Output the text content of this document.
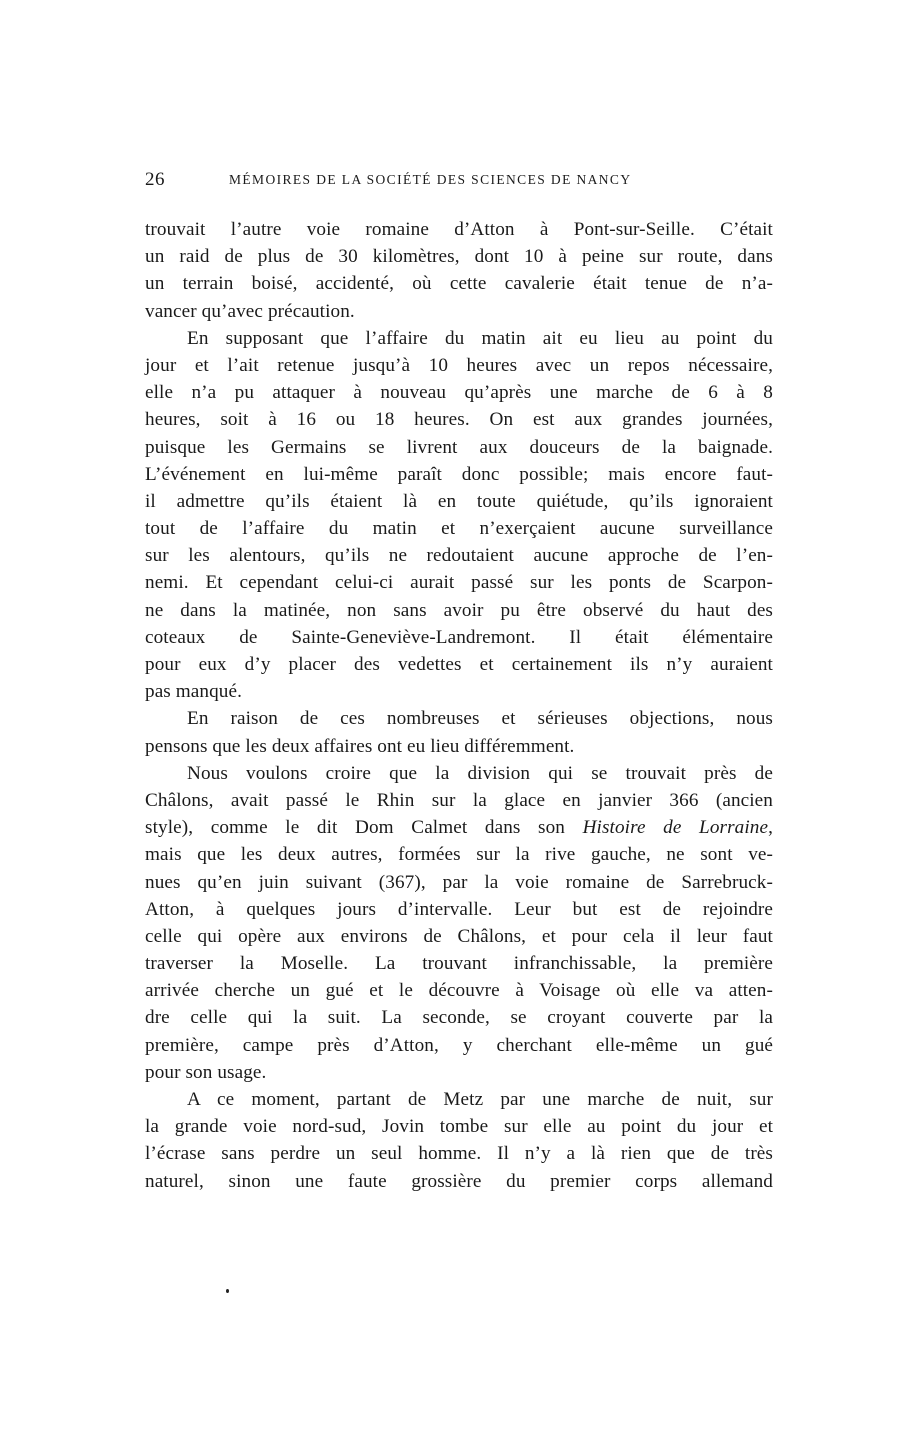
26	MÉMOIRES DE LA SOCIÉTÉ DES SCIENCES DE NANCY
trouvait l’autre voie romaine d’Atton à Pont-sur-Seille. C’était
un raid de plus de 30 kilomètres, dont 10 à peine sur route, dans
un terrain boisé, accidenté, où cette cavalerie était tenue de n’a-
vancer qu’avec précaution.
En supposant que l’affaire du matin ait eu lieu au point du
jour et l’ait retenue jusqu’à 10 heures avec un repos nécessaire,
elle n’a pu attaquer à nouveau qu’après une marche de 6 à 8
heures, soit à 16 ou 18 heures. On est aux grandes journées,
puisque les Germains se livrent aux douceurs de la baignade.
L’événement en lui-même paraît donc possible; mais encore faut-
il admettre qu’ils étaient là en toute quiétude, qu’ils ignoraient
tout de l’affaire du matin et n’exerçaient aucune surveillance
sur les alentours, qu’ils ne redoutaient aucune approche de l’en-
nemi. Et cependant celui-ci aurait passé sur les ponts de Scarpon-
ne dans la matinée, non sans avoir pu être observé du haut des
coteaux de Sainte-Geneviève-Landremont. Il était élémentaire
pour eux d’y placer des vedettes et certainement ils n’y auraient
pas manqué.
En raison de ces nombreuses et sérieuses objections, nous
pensons que les deux affaires ont eu lieu différemment.
Nous voulons croire que la division qui se trouvait près de
Châlons, avait passé le Rhin sur la glace en janvier 366 (ancien
style), comme le dit Dom Calmet dans son Histoire de Lorraine,
mais que les deux autres, formées sur la rive gauche, ne sont ve-
nues qu’en juin suivant (367), par la voie romaine de Sarrebruck-
Atton, à quelques jours d’intervalle. Leur but est de rejoindre
celle qui opère aux environs de Châlons, et pour cela il leur faut
traverser la Moselle. La trouvant infranchissable, la première
arrivée cherche un gué et le découvre à Voisage où elle va atten-
dre celle qui la suit. La seconde, se croyant couverte par la
première, campe près d’Atton, y cherchant elle-même un gué
pour son usage.
A ce moment, partant de Metz par une marche de nuit, sur
la grande voie nord-sud, Jovin tombe sur elle au point du jour et
l’écrase sans perdre un seul homme. Il n’y a là rien que de très
naturel, sinon une faute grossière du premier corps allemand
